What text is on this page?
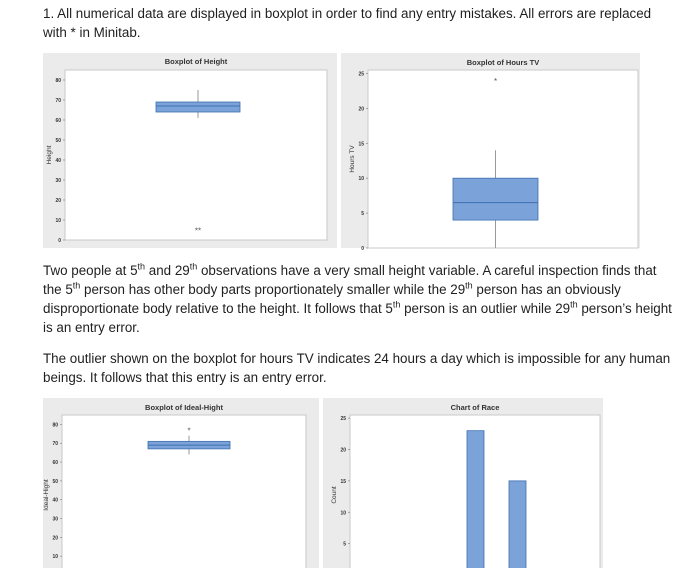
1. All numerical data are displayed in boxplot in order to find any entry mistakes. All errors are replaced with * in Minitab.
Boxplot of Height
Height
0
10
20
30
40
50
60
70
80
**
Boxplot of Hours TV
Hours TV
0
5
10
15
20
25
*
Two people at 5th and 29th observations have a very small height variable. A careful inspection finds that the 5th person has other body parts proportionately smaller while the 29th person has an obviously disproportionate body relative to the height. It follows that 5th person is an outlier while 29th person’s height is an entry error.
The outlier shown on the boxplot for hours TV indicates 24 hours a day which is impossible for any human beings. It follows that this entry is an entry error.
Boxplot of Ideal-Hight
Ideal-Hight
10
20
30
40
50
60
70
80
*
Chart of Race
Count
5
10
15
20
25
